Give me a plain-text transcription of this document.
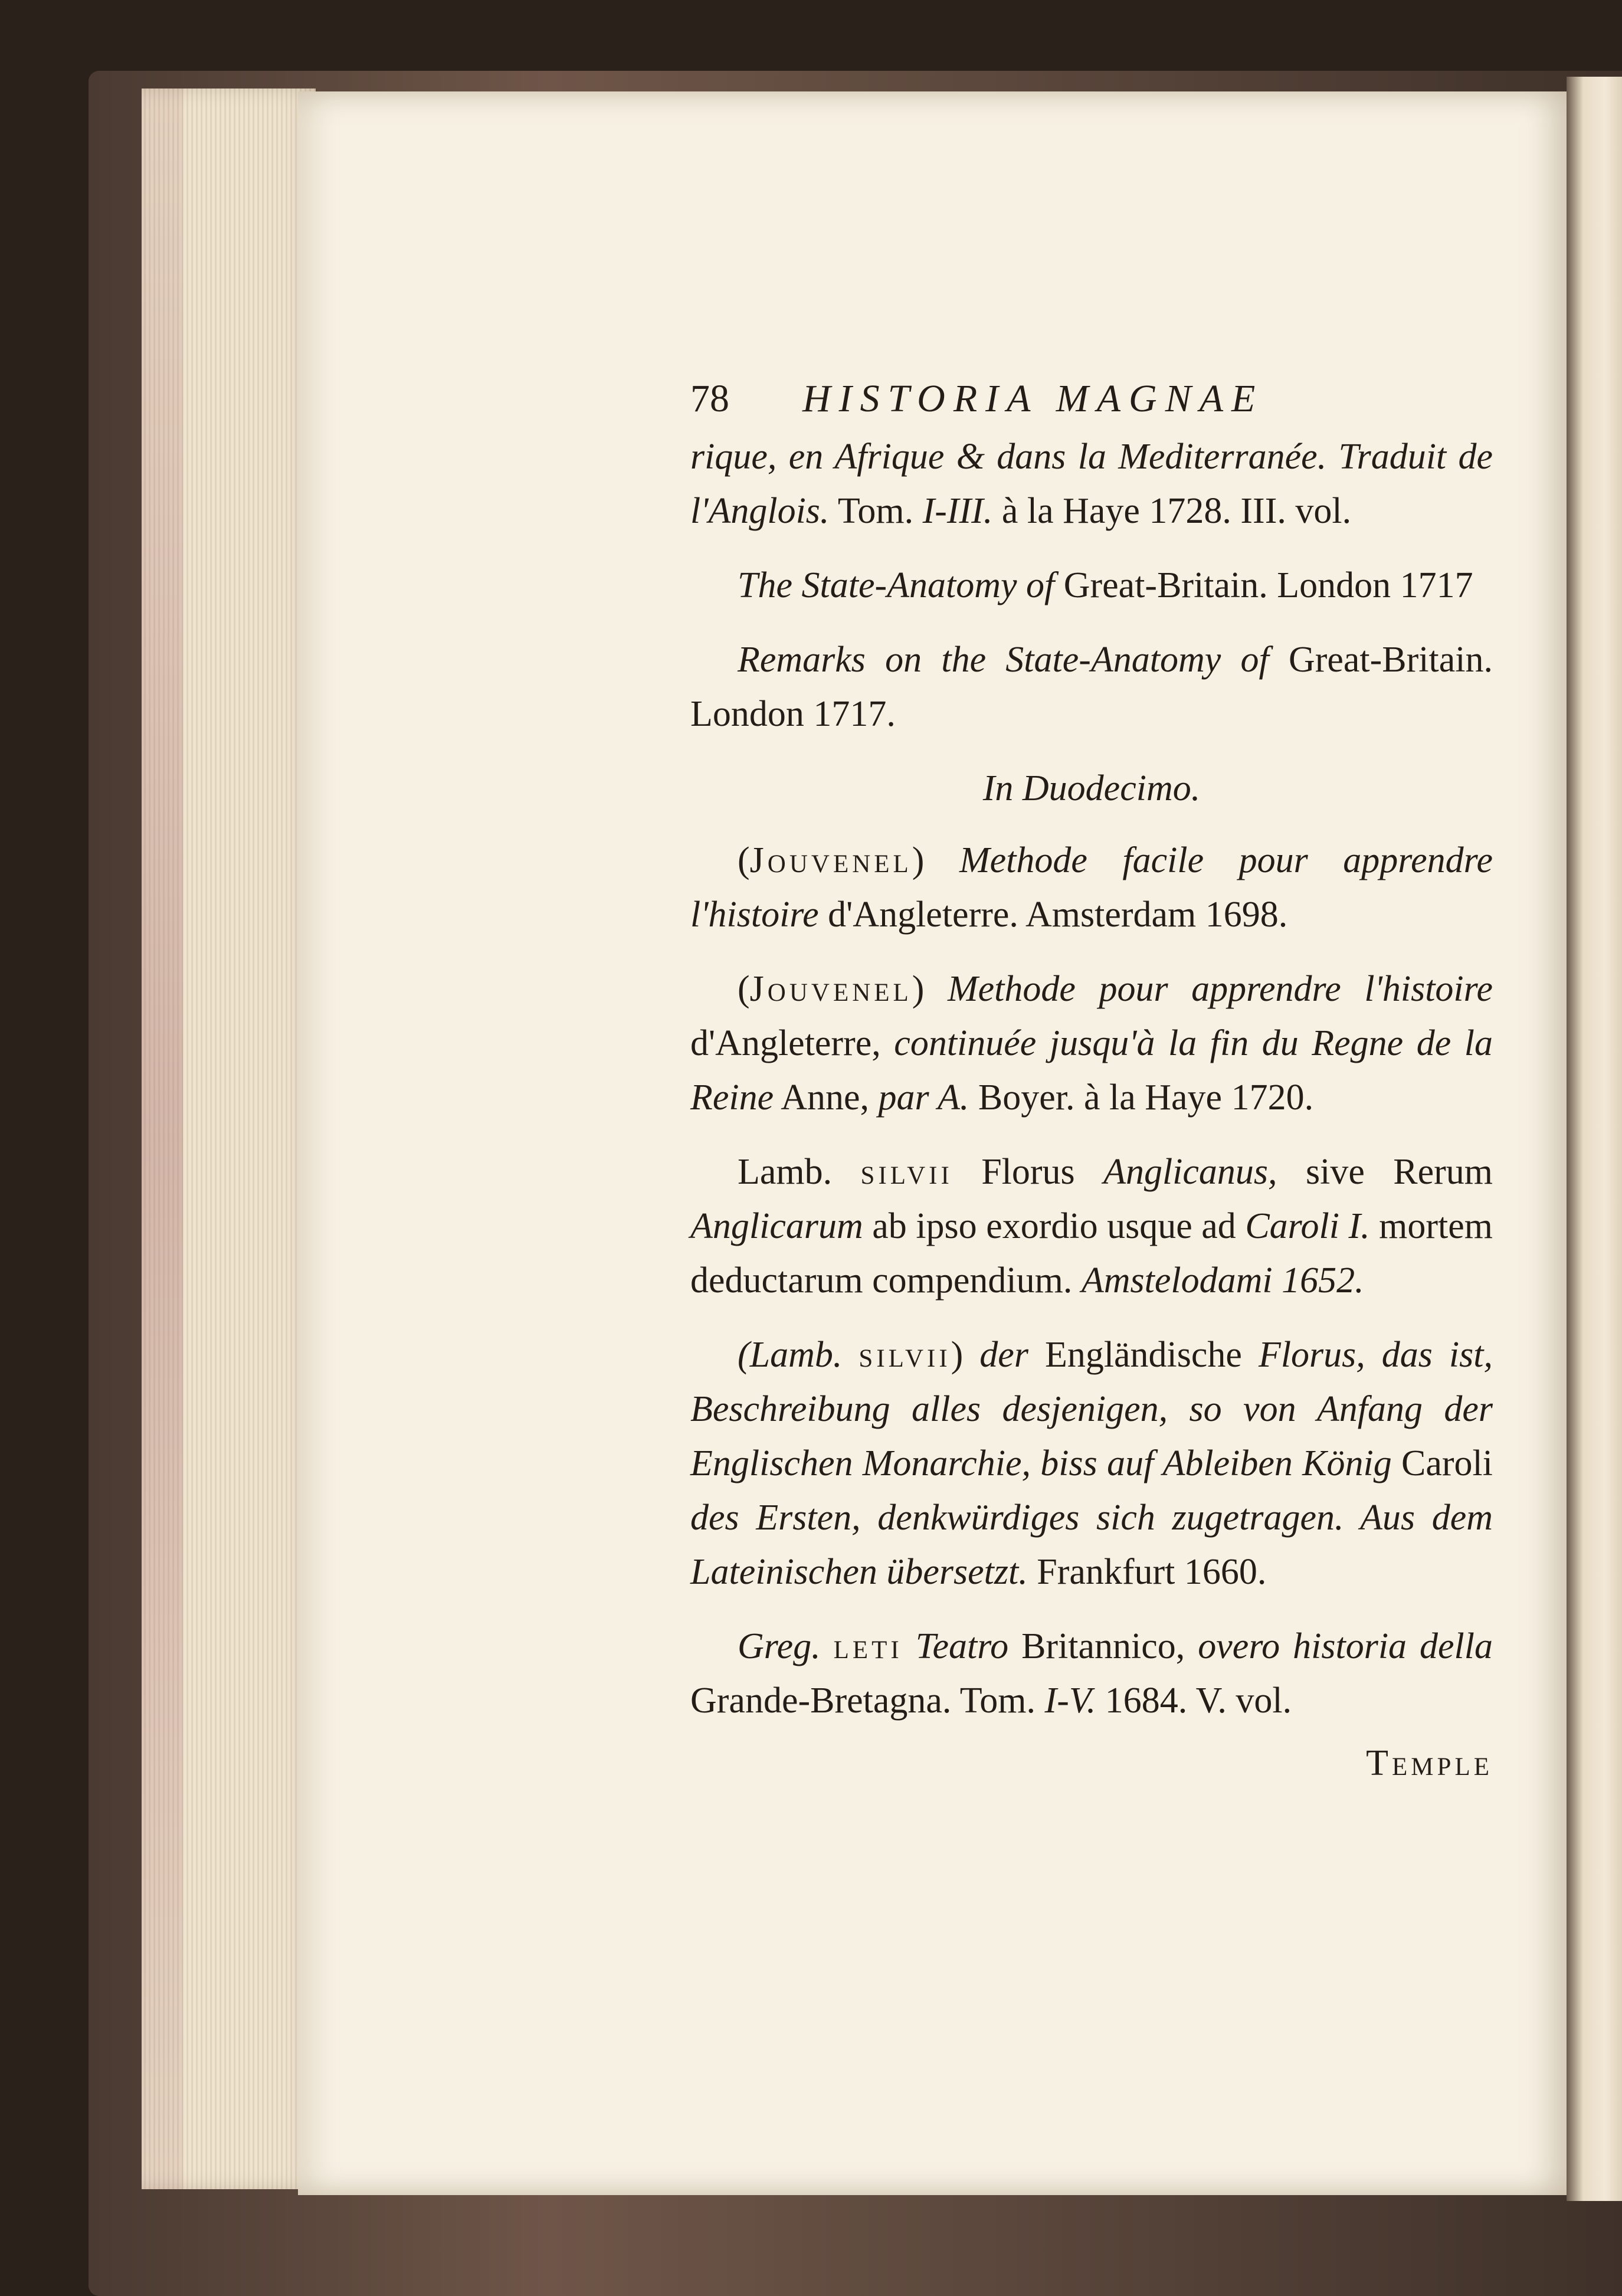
78	HISTORIA MAGNAE
rique, en Afrique & dans la Mediterranée. Traduit de l'Anglois. Tom. I-III. à la Haye 1728. III. vol.
The State-Anatomy of Great-Britain. London 1717
Remarks on the State-Anatomy of Great-Britain. London 1717.
In Duodecimo.
(Jouvenel) Methode facile pour apprendre l'histoire d'Angleterre. Amsterdam 1698.
(Jouvenel) Methode pour apprendre l'histoire d'Angleterre, continuée jusqu'à la fin du Regne de la Reine Anne, par A. Boyer. à la Haye 1720.
Lamb. silvii Florus Anglicanus, sive Rerum Anglicarum ab ipso exordio usque ad Caroli I. mortem deductarum compendium. Amstelodami 1652.
(Lamb. silvii) der Engländische Florus, das ist, Beschreibung alles desjenigen, so von Anfang der Englischen Monarchie, biss auf Ableiben König Caroli des Ersten, denkwürdiges sich zugetragen. Aus dem Lateinischen übersetzt. Frankfurt 1660.
Greg. leti Teatro Britannico, overo historia della Grande-Bretagna. Tom. I-V. 1684. V. vol.
Temple
